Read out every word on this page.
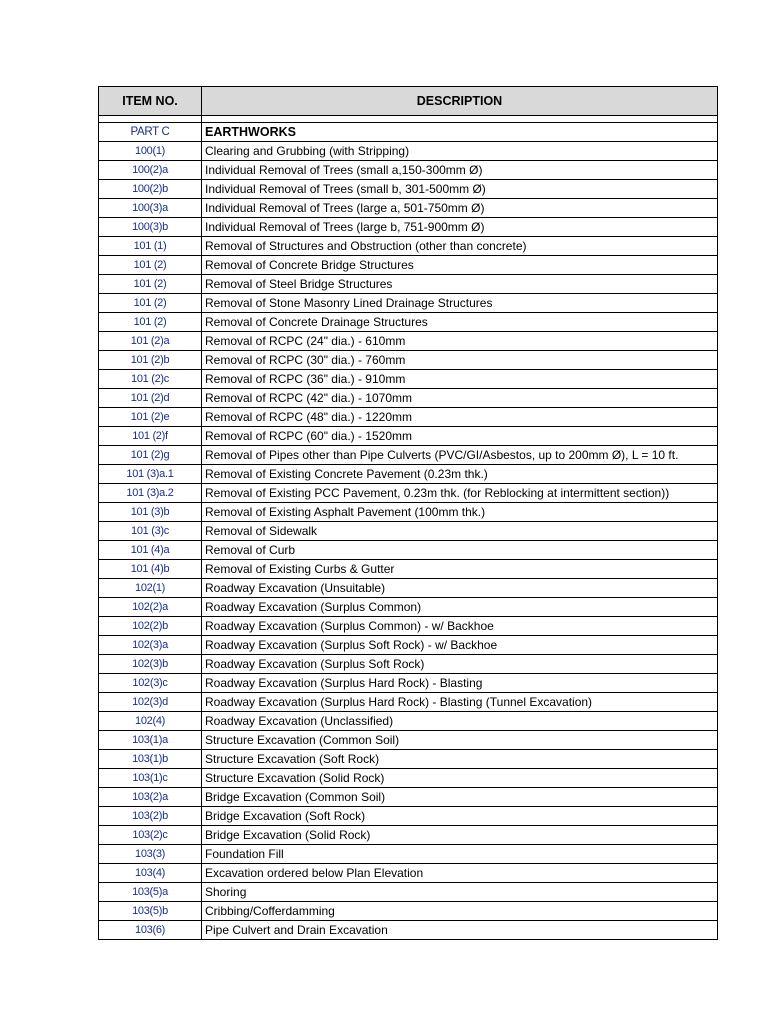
ITEM NO.	DESCRIPTION

PART C	EARTHWORKS
100(1)	Clearing and Grubbing (with Stripping)
100(2)a	Individual Removal of Trees (small a,150-300mm Ø)
100(2)b	Individual Removal of Trees (small b, 301-500mm Ø)
100(3)a	Individual Removal of Trees (large a, 501-750mm Ø)
100(3)b	Individual Removal of Trees (large b, 751-900mm Ø)
101 (1)	Removal of Structures and Obstruction (other than concrete)
101 (2)	Removal of Concrete Bridge Structures
101 (2)	Removal of Steel Bridge Structures
101 (2)	Removal of Stone Masonry Lined Drainage Structures
101 (2)	Removal of Concrete Drainage Structures
101 (2)a	Removal of RCPC (24" dia.) - 610mm
101 (2)b	Removal of RCPC (30" dia.) - 760mm
101 (2)c	Removal of RCPC (36" dia.) - 910mm
101 (2)d	Removal of RCPC (42" dia.) - 1070mm
101 (2)e	Removal of RCPC (48" dia.) - 1220mm
101 (2)f	Removal of RCPC (60" dia.) - 1520mm
101 (2)g	Removal of Pipes other than Pipe Culverts (PVC/GI/Asbestos, up to 200mm Ø), L = 10 ft.
101 (3)a.1	Removal of Existing Concrete Pavement (0.23m thk.)
101 (3)a.2	Removal of Existing PCC Pavement, 0.23m thk. (for Reblocking at intermittent section))
101 (3)b	Removal of Existing Asphalt Pavement (100mm thk.)
101 (3)c	Removal of Sidewalk
101 (4)a	Removal of Curb
101 (4)b	Removal of Existing Curbs & Gutter
102(1)	Roadway Excavation (Unsuitable)
102(2)a	Roadway Excavation (Surplus Common)
102(2)b	Roadway Excavation (Surplus Common) - w/ Backhoe
102(3)a	Roadway Excavation (Surplus Soft Rock) - w/ Backhoe
102(3)b	Roadway Excavation (Surplus Soft Rock)
102(3)c	Roadway Excavation (Surplus Hard Rock) - Blasting
102(3)d	Roadway Excavation (Surplus Hard Rock) - Blasting (Tunnel Excavation)
102(4)	Roadway Excavation (Unclassified)
103(1)a	Structure Excavation (Common Soil)
103(1)b	Structure Excavation (Soft Rock)
103(1)c	Structure Excavation (Solid Rock)
103(2)a	Bridge Excavation (Common Soil)
103(2)b	Bridge Excavation (Soft Rock)
103(2)c	Bridge Excavation (Solid Rock)
103(3)	Foundation Fill
103(4)	Excavation ordered below Plan Elevation
103(5)a	Shoring
103(5)b	Cribbing/Cofferdamming
103(6)	Pipe Culvert and Drain Excavation
